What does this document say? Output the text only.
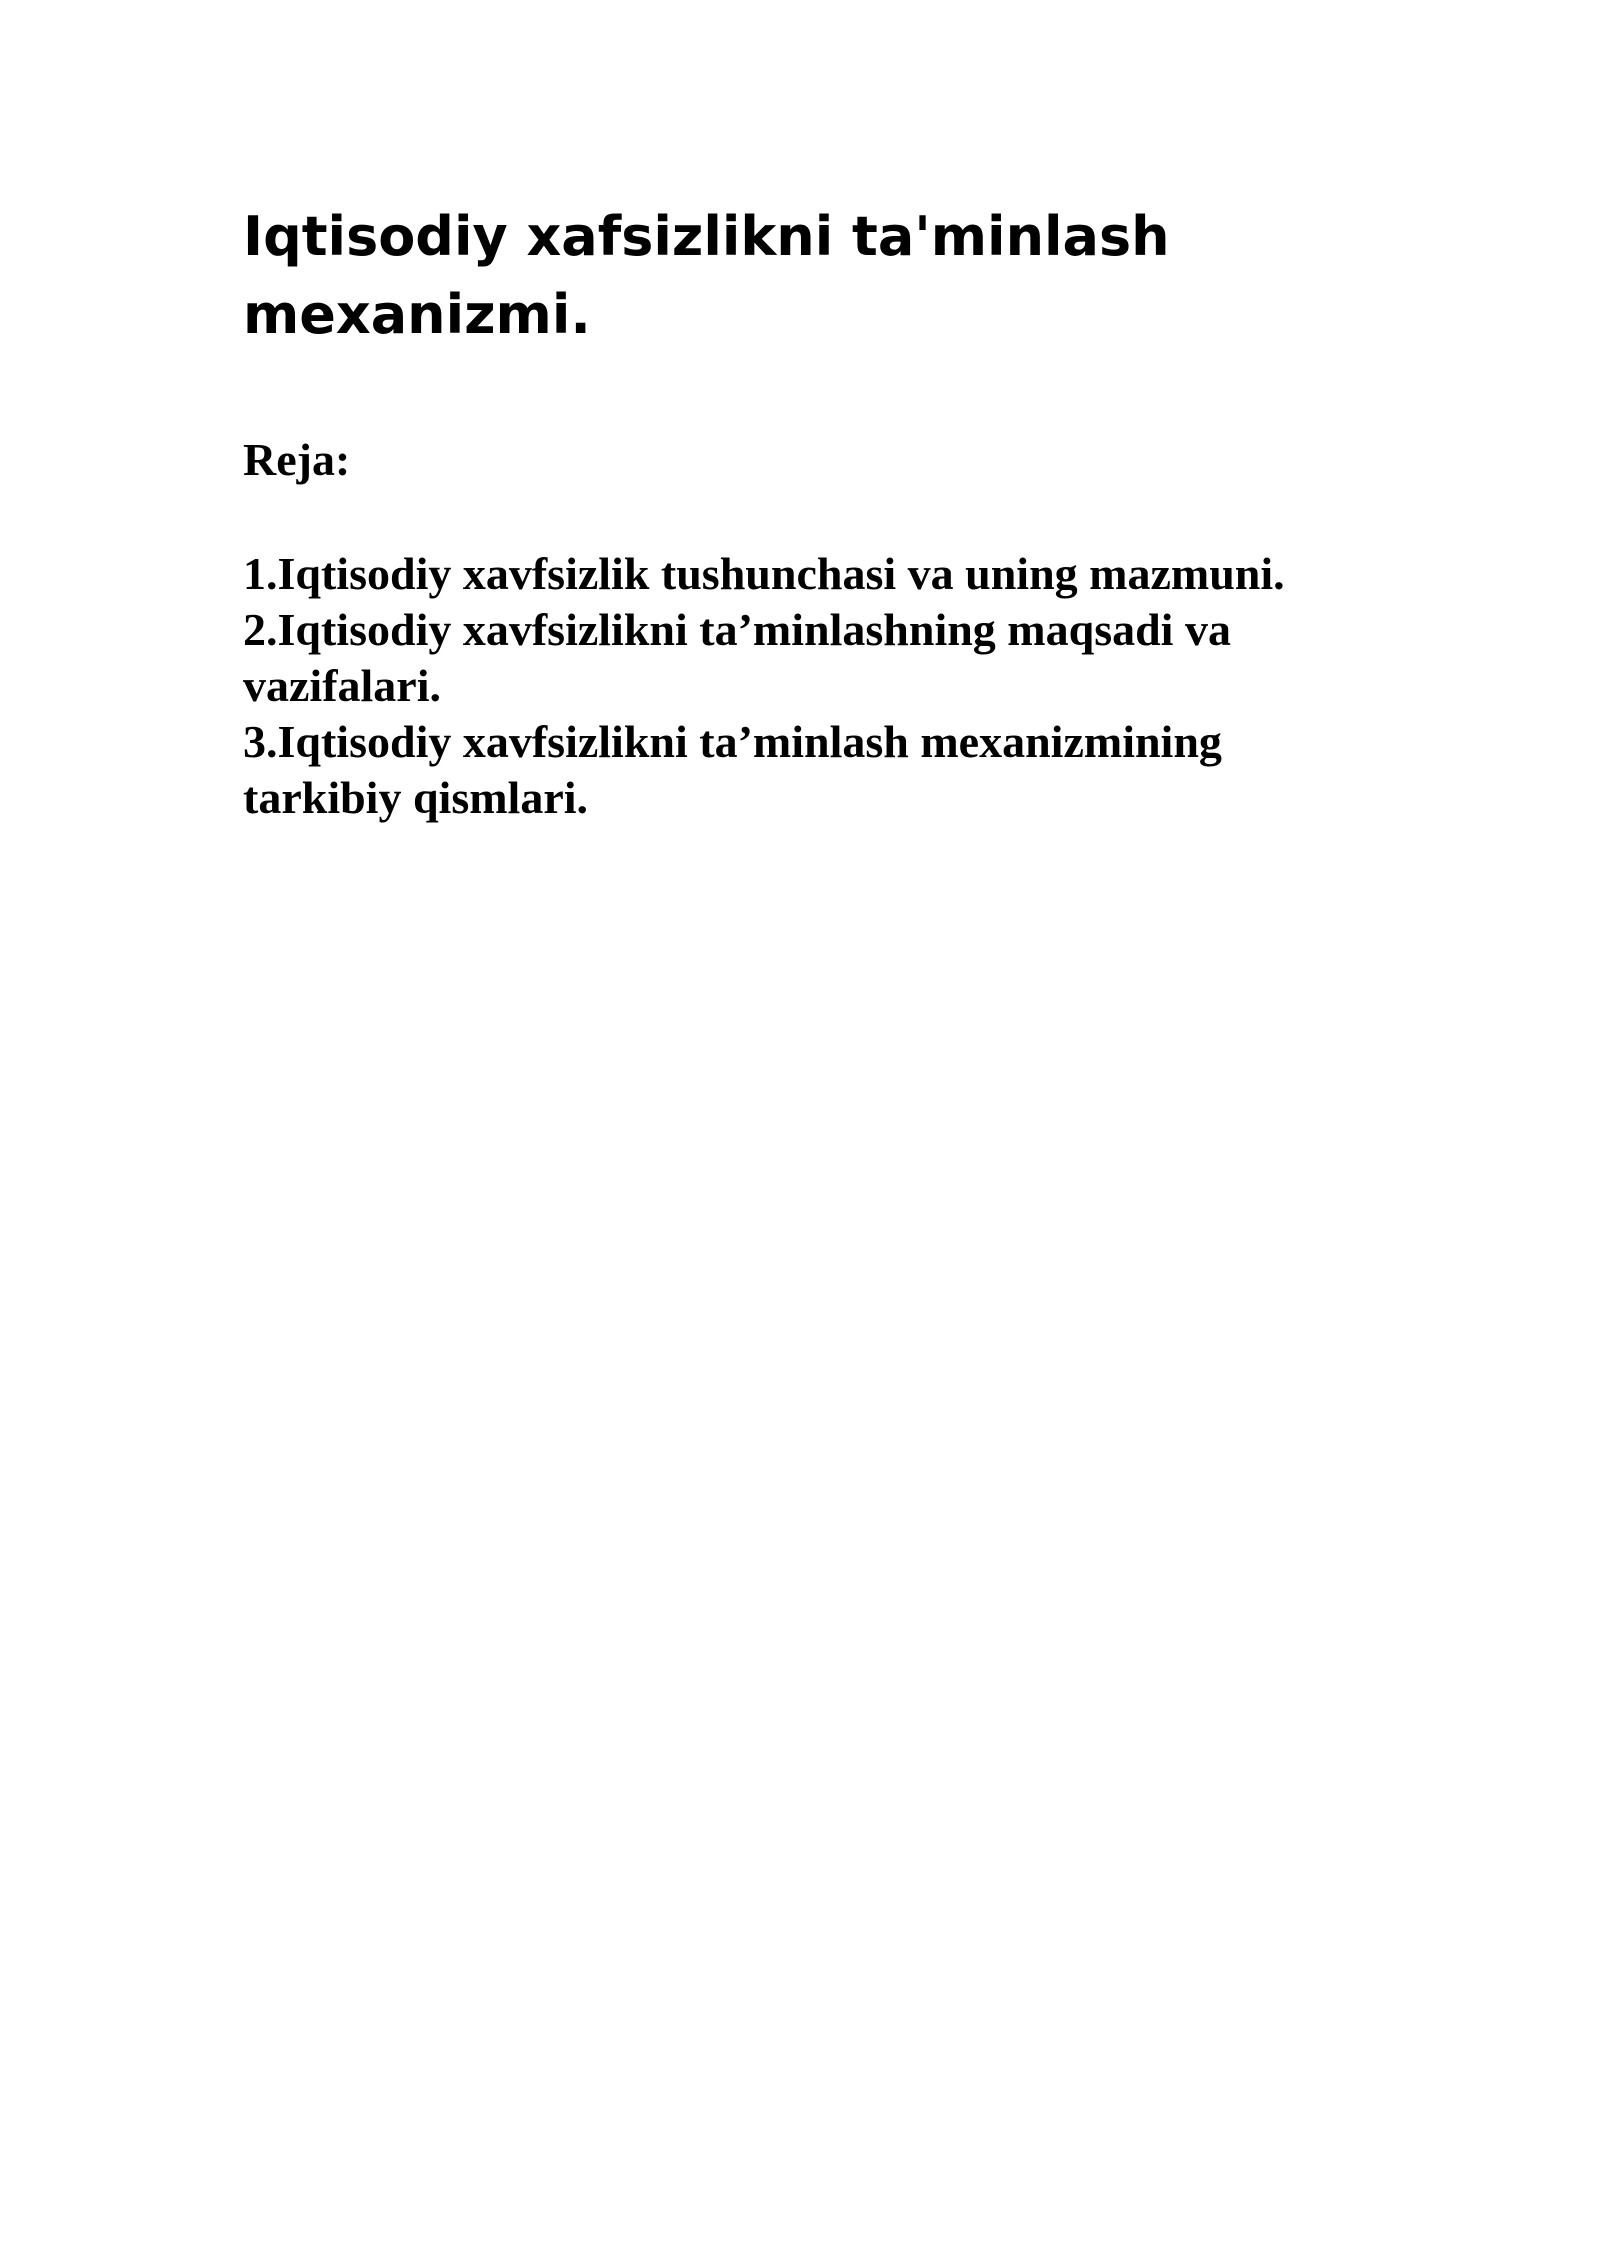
Iqtisodiy xafsizlikni ta'minlash
mexanizmi.

Reja:

1.Iqtisodiy xavfsizlik tushunchasi va uning mazmuni.
2.Iqtisodiy xavfsizlikni ta’minlashning maqsadi va
vazifalari.
3.Iqtisodiy xavfsizlikni ta’minlash mexanizmining
tarkibiy qismlari.
